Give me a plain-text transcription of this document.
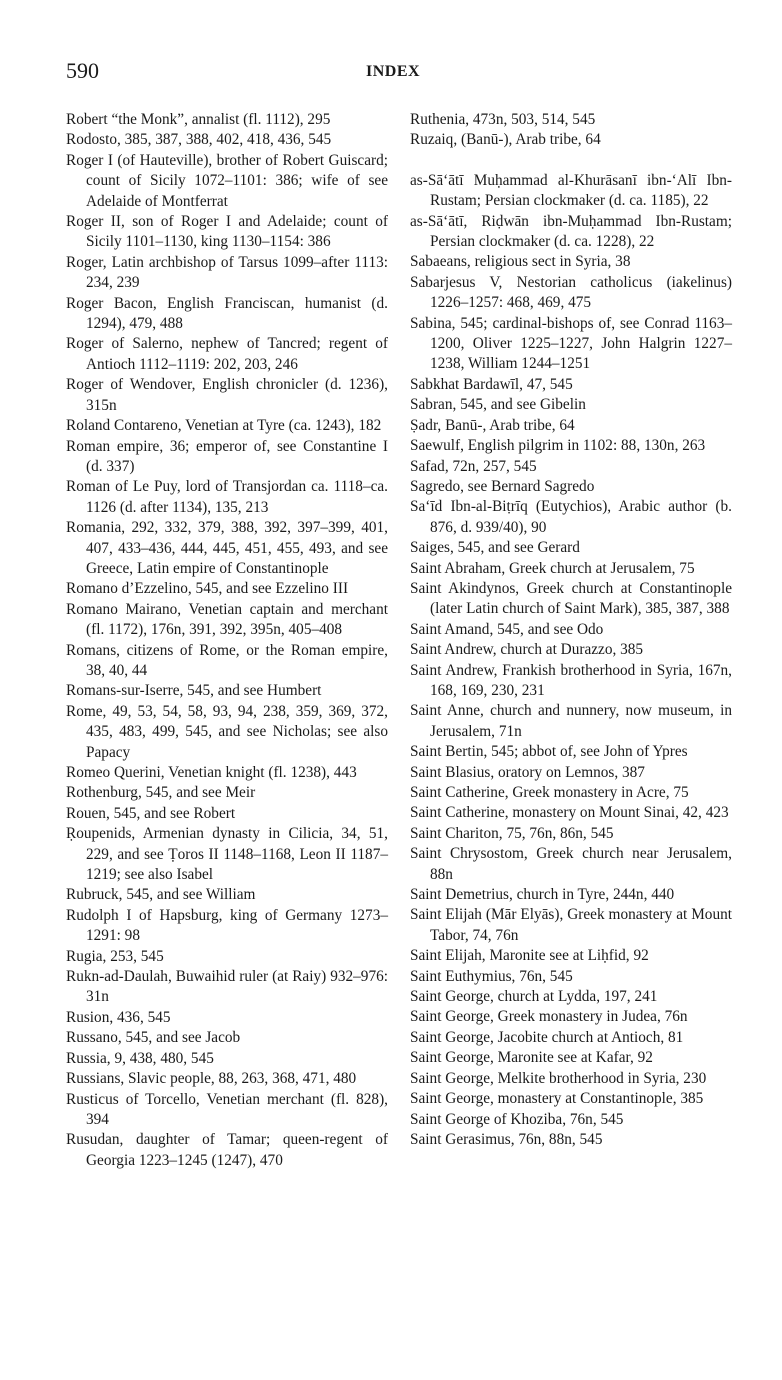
590	INDEX
Robert “the Monk”, annalist (fl. 1112), 295
Rodosto, 385, 387, 388, 402, 418, 436, 545
Roger I (of Hauteville), brother of Robert Guiscard; count of Sicily 1072–1101: 386; wife of see Adelaide of Montferrat
Roger II, son of Roger I and Adelaide; count of Sicily 1101–1130, king 1130–1154: 386
Roger, Latin archbishop of Tarsus 1099–after 1113: 234, 239
Roger Bacon, English Franciscan, humanist (d. 1294), 479, 488
Roger of Salerno, nephew of Tancred; regent of Antioch 1112–1119: 202, 203, 246
Roger of Wendover, English chronicler (d. 1236), 315n
Roland Contareno, Venetian at Tyre (ca. 1243), 182
Roman empire, 36; emperor of, see Constantine I (d. 337)
Roman of Le Puy, lord of Transjordan ca. 1118–ca. 1126 (d. after 1134), 135, 213
Romania, 292, 332, 379, 388, 392, 397–399, 401, 407, 433–436, 444, 445, 451, 455, 493, and see Greece, Latin empire of Constantinople
Romano d’Ezzelino, 545, and see Ezzelino III
Romano Mairano, Venetian captain and merchant (fl. 1172), 176n, 391, 392, 395n, 405–408
Romans, citizens of Rome, or the Roman empire, 38, 40, 44
Romans-sur-Iserre, 545, and see Humbert
Rome, 49, 53, 54, 58, 93, 94, 238, 359, 369, 372, 435, 483, 499, 545, and see Nicholas; see also Papacy
Romeo Querini, Venetian knight (fl. 1238), 443
Rothenburg, 545, and see Meir
Rouen, 545, and see Robert
Ṛoupenids, Armenian dynasty in Cilicia, 34, 51, 229, and see Ṭoros II 1148–1168, Leon II 1187–1219; see also Isabel
Rubruck, 545, and see William
Rudolph I of Hapsburg, king of Germany 1273–1291: 98
Rugia, 253, 545
Rukn-ad-Daulah, Buwaihid ruler (at Raiy) 932–976: 31n
Rusion, 436, 545
Russano, 545, and see Jacob
Russia, 9, 438, 480, 545
Russians, Slavic people, 88, 263, 368, 471, 480
Rusticus of Torcello, Venetian merchant (fl. 828), 394
Rusudan, daughter of Tamar; queen-regent of Georgia 1223–1245 (1247), 470
Ruthenia, 473n, 503, 514, 545
Ruzaiq, (Banū-), Arab tribe, 64
as-Sā‘ātī Muḥammad al-Khurāsanī ibn-‘Alī Ibn-Rustam; Persian clockmaker (d. ca. 1185), 22
as-Sā‘ātī, Riḍwān ibn-Muḥammad Ibn-Rustam; Persian clockmaker (d. ca. 1228), 22
Sabaeans, religious sect in Syria, 38
Sabarjesus V, Nestorian catholicus (iakelinus) 1226–1257: 468, 469, 475
Sabina, 545; cardinal-bishops of, see Conrad 1163–1200, Oliver 1225–1227, John Halgrin 1227–1238, William 1244–1251
Sabkhat Bardawīl, 47, 545
Sabran, 545, and see Gibelin
Ṣadr, Banū-, Arab tribe, 64
Saewulf, English pilgrim in 1102: 88, 130n, 263
Safad, 72n, 257, 545
Sagredo, see Bernard Sagredo
Sa‘īd Ibn-al-Biṭrīq (Eutychios), Arabic author (b. 876, d. 939/40), 90
Saiges, 545, and see Gerard
Saint Abraham, Greek church at Jerusalem, 75
Saint Akindynos, Greek church at Constantinople (later Latin church of Saint Mark), 385, 387, 388
Saint Amand, 545, and see Odo
Saint Andrew, church at Durazzo, 385
Saint Andrew, Frankish brotherhood in Syria, 167n, 168, 169, 230, 231
Saint Anne, church and nunnery, now museum, in Jerusalem, 71n
Saint Bertin, 545; abbot of, see John of Ypres
Saint Blasius, oratory on Lemnos, 387
Saint Catherine, Greek monastery in Acre, 75
Saint Catherine, monastery on Mount Sinai, 42, 423
Saint Chariton, 75, 76n, 86n, 545
Saint Chrysostom, Greek church near Jerusalem, 88n
Saint Demetrius, church in Tyre, 244n, 440
Saint Elijah (Mār Elyās), Greek monastery at Mount Tabor, 74, 76n
Saint Elijah, Maronite see at Liḥfid, 92
Saint Euthymius, 76n, 545
Saint George, church at Lydda, 197, 241
Saint George, Greek monastery in Judea, 76n
Saint George, Jacobite church at Antioch, 81
Saint George, Maronite see at Kafar, 92
Saint George, Melkite brotherhood in Syria, 230
Saint George, monastery at Constantinople, 385
Saint George of Khoziba, 76n, 545
Saint Gerasimus, 76n, 88n, 545
